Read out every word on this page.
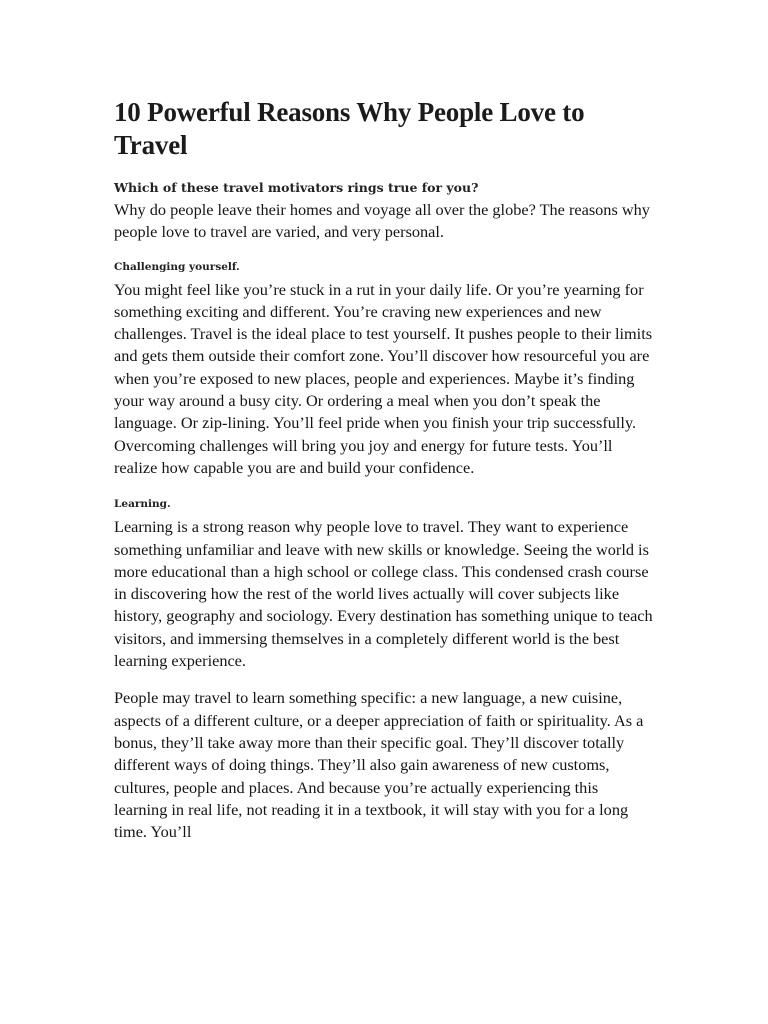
10 Powerful Reasons Why People Love to Travel
Which of these travel motivators rings true for you?

Why do people leave their homes and voyage all over the globe? The reasons why people love to travel are varied, and very personal.

Challenging yourself.

You might feel like you’re stuck in a rut in your daily life. Or you’re yearning for something exciting and different. You’re craving new experiences and new challenges. Travel is the ideal place to test yourself. It pushes people to their limits and gets them outside their comfort zone. You’ll discover how resourceful you are when you’re exposed to new places, people and experiences. Maybe it’s finding your way around a busy city. Or ordering a meal when you don’t speak the language. Or zip-lining. You’ll feel pride when you finish your trip successfully. Overcoming challenges will bring you joy and energy for future tests. You’ll realize how capable you are and build your confidence.

Learning.

Learning is a strong reason why people love to travel. They want to experience something unfamiliar and leave with new skills or knowledge. Seeing the world is more educational than a high school or college class. This condensed crash course in discovering how the rest of the world lives actually will cover subjects like history, geography and sociology. Every destination has something unique to teach visitors, and immersing themselves in a completely different world is the best learning experience.

People may travel to learn something specific: a new language, a new cuisine, aspects of a different culture, or a deeper appreciation of faith or spirituality. As a bonus, they’ll take away more than their specific goal. They’ll discover totally different ways of doing things. They’ll also gain awareness of new customs, cultures, people and places. And because you’re actually experiencing this learning in real life, not reading it in a textbook, it will stay with you for a long time. You’ll
